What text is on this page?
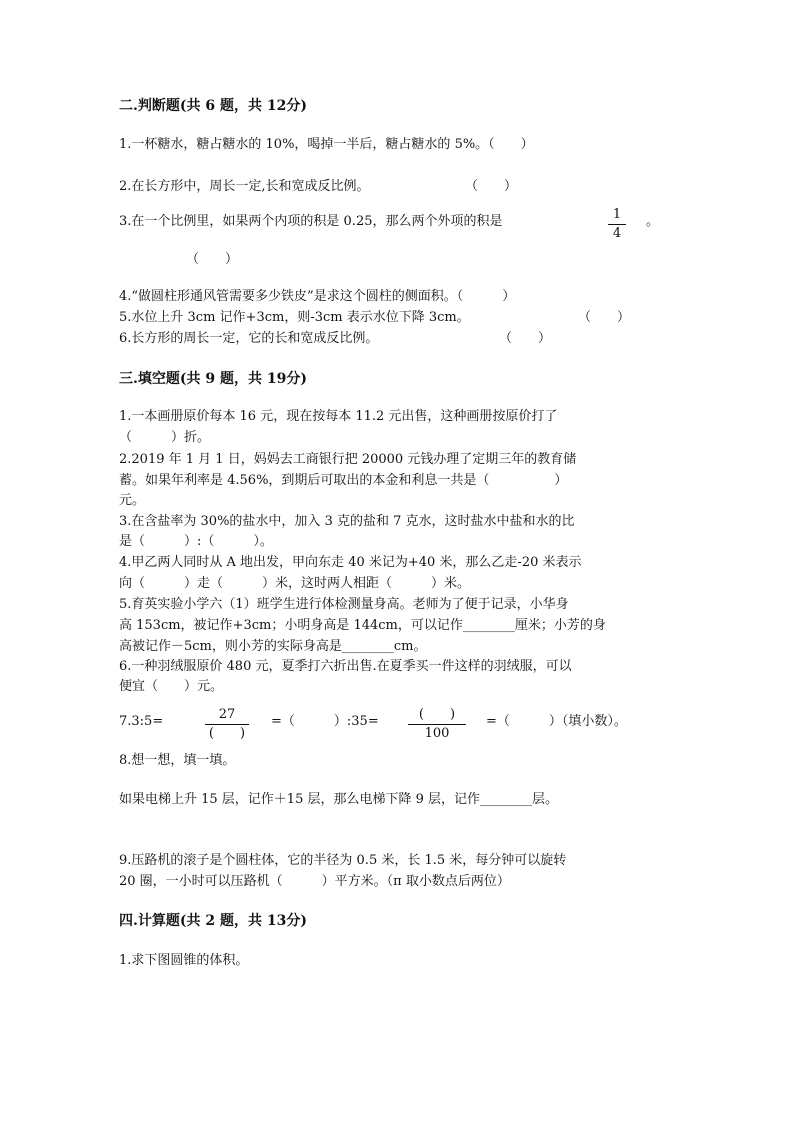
二.判断题(共 6 题，共 12分)
1.一杯糖水，糖占糖水的 10%，喝掉一半后，糖占糖水的 5%。（　　）
2.在长方形中，周长一定,长和宽成反比例。	（　　）
3.在一个比例里，如果两个内项的积是 0.25，那么两个外项的积是	1
4
。
（　　）
4.“做圆柱形通风管需要多少铁皮”是求这个圆柱的侧面积。（　　　）
5.水位上升 3cm 记作+3cm，则-3cm 表示水位下降 3cm。	（　　）
6.长方形的周长一定，它的长和宽成反比例。	（　　）
三.填空题(共 9 题，共 19分)
1.一本画册原价每本 16 元，现在按每本 11.2 元出售，这种画册按原价打了
（　　　）折。
2.2019 年 1 月 1 日，妈妈去工商银行把 20000 元钱办理了定期三年的教育储
蓄。如果年利率是 4.56%，到期后可取出的本金和利息一共是（　　　　　）
元。
3.在含盐率为 30%的盐水中，加入 3 克的盐和 7 克水，这时盐水中盐和水的比
是（　　　）:（　　　）。
4.甲乙两人同时从 A 地出发，甲向东走 40 米记为+40 米，那么乙走-20 米表示
向（　　　）走（　　　）米，这时两人相距（　　　）米。
5.育英实验小学六（1）班学生进行体检测量身高。老师为了便于记录，小华身
高 153cm，被记作+3cm；小明身高是 144cm，可以记作________厘米；小芳的身
高被记作－5cm，则小芳的实际身高是________cm。
6.一种羽绒服原价 480 元，夏季打六折出售.在夏季买一件这样的羽绒服，可以
便宜（　　）元。
7.3:5=	27
(　　)
=（　　　）:35=	(　　)
100
=（　　　）（填小数）。
8.想一想，填一填。
如果电梯上升 15 层，记作＋15 层，那么电梯下降 9 层，记作________层。
9.压路机的滚子是个圆柱体，它的半径为 0.5 米，长 1.5 米，每分钟可以旋转
20 圈，一小时可以压路机（　　　）平方米。（π 取小数点后两位）
四.计算题(共 2 题，共 13分)
1.求下图圆锥的体积。
